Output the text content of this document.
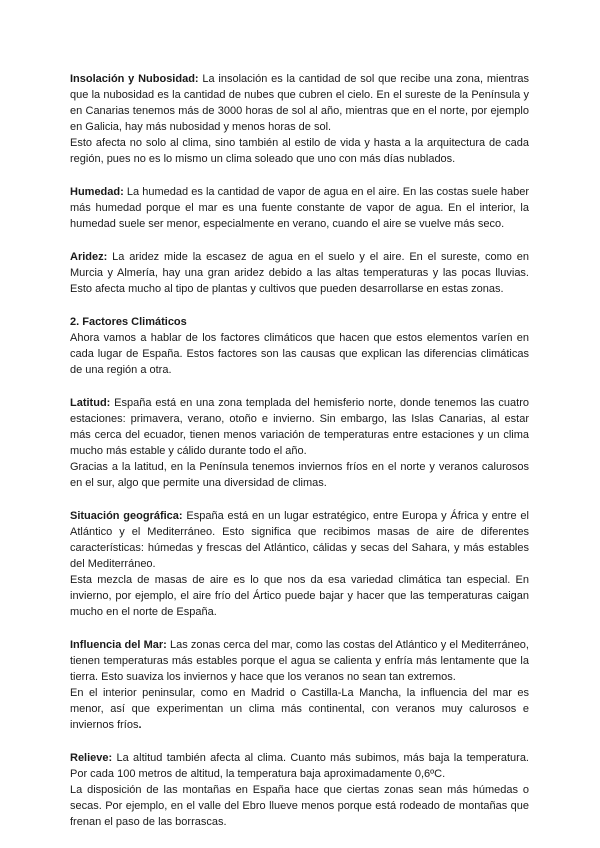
Insolación y Nubosidad: La insolación es la cantidad de sol que recibe una zona, mientras que la nubosidad es la cantidad de nubes que cubren el cielo. En el sureste de la Península y en Canarias tenemos más de 3000 horas de sol al año, mientras que en el norte, por ejemplo en Galicia, hay más nubosidad y menos horas de sol.

Esto afecta no solo al clima, sino también al estilo de vida y hasta a la arquitectura de cada región, pues no es lo mismo un clima soleado que uno con más días nublados.

Humedad: La humedad es la cantidad de vapor de agua en el aire. En las costas suele haber más humedad porque el mar es una fuente constante de vapor de agua. En el interior, la humedad suele ser menor, especialmente en verano, cuando el aire se vuelve más seco.

Aridez: La aridez mide la escasez de agua en el suelo y el aire. En el sureste, como en Murcia y Almería, hay una gran aridez debido a las altas temperaturas y las pocas lluvias. Esto afecta mucho al tipo de plantas y cultivos que pueden desarrollarse en estas zonas.

2. Factores Climáticos

Ahora vamos a hablar de los factores climáticos que hacen que estos elementos varíen en cada lugar de España. Estos factores son las causas que explican las diferencias climáticas de una región a otra.

Latitud: España está en una zona templada del hemisferio norte, donde tenemos las cuatro estaciones: primavera, verano, otoño e invierno. Sin embargo, las Islas Canarias, al estar más cerca del ecuador, tienen menos variación de temperaturas entre estaciones y un clima mucho más estable y cálido durante todo el año.

Gracias a la latitud, en la Península tenemos inviernos fríos en el norte y veranos calurosos en el sur, algo que permite una diversidad de climas.

Situación geográfica: España está en un lugar estratégico, entre Europa y África y entre el Atlántico y el Mediterráneo. Esto significa que recibimos masas de aire de diferentes características: húmedas y frescas del Atlántico, cálidas y secas del Sahara, y más estables del Mediterráneo.

Esta mezcla de masas de aire es lo que nos da esa variedad climática tan especial. En invierno, por ejemplo, el aire frío del Ártico puede bajar y hacer que las temperaturas caigan mucho en el norte de España.

Influencia del Mar: Las zonas cerca del mar, como las costas del Atlántico y el Mediterráneo, tienen temperaturas más estables porque el agua se calienta y enfría más lentamente que la tierra. Esto suaviza los inviernos y hace que los veranos no sean tan extremos.

En el interior peninsular, como en Madrid o Castilla-La Mancha, la influencia del mar es menor, así que experimentan un clima más continental, con veranos muy calurosos e inviernos fríos.

Relieve: La altitud también afecta al clima. Cuanto más subimos, más baja la temperatura. Por cada 100 metros de altitud, la temperatura baja aproximadamente 0,6ºC.

La disposición de las montañas en España hace que ciertas zonas sean más húmedas o secas. Por ejemplo, en el valle del Ebro llueve menos porque está rodeado de montañas que frenan el paso de las borrascas.
